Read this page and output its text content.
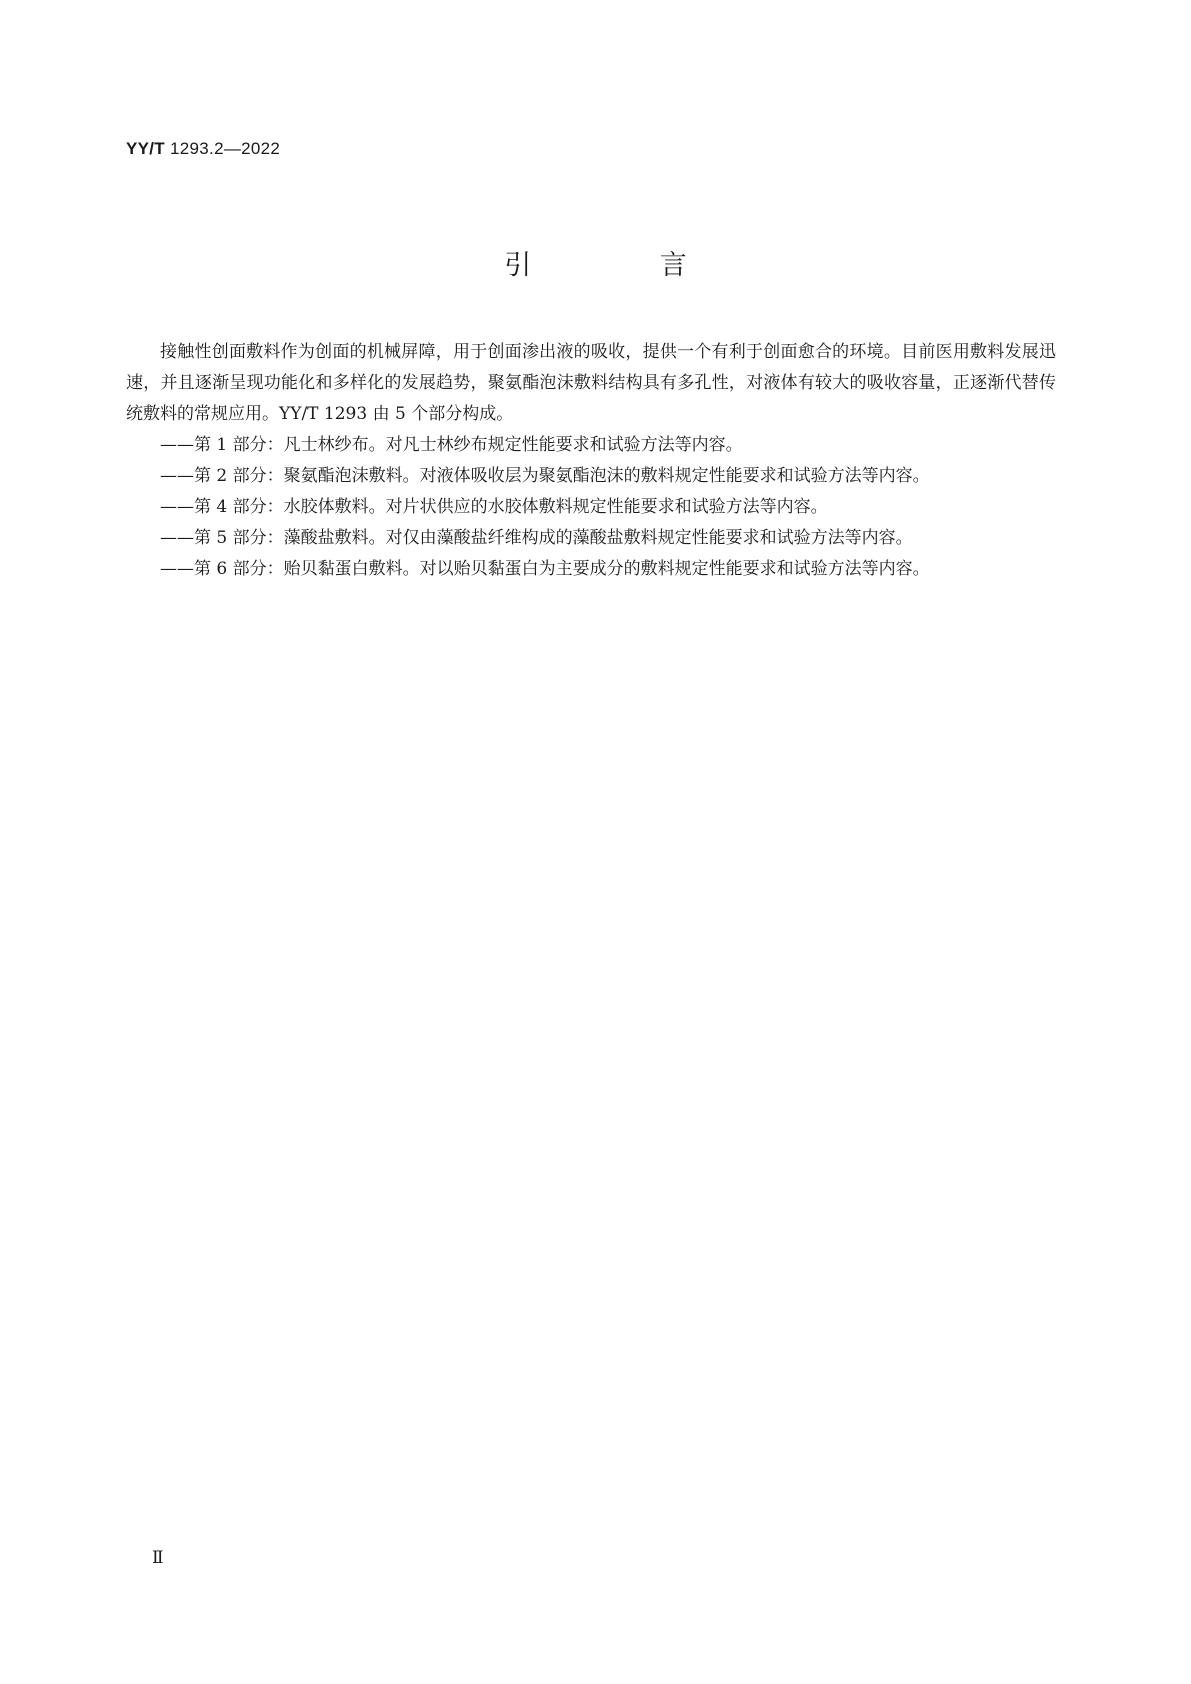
YY/T 1293.2—2022
引 言

接触性创面敷料作为创面的机械屏障，用于创面渗出液的吸收，提供一个有利于创面愈合的环境。目前医用敷料发展迅速，并且逐渐呈现功能化和多样化的发展趋势，聚氨酯泡沫敷料结构具有多孔性，对液体有较大的吸收容量，正逐渐代替传统敷料的常规应用。YY/T 1293 由 5 个部分构成。

——第 1 部分：凡士林纱布。对凡士林纱布规定性能要求和试验方法等内容。
——第 2 部分：聚氨酯泡沫敷料。对液体吸收层为聚氨酯泡沫的敷料规定性能要求和试验方法等内容。
——第 4 部分：水胶体敷料。对片状供应的水胶体敷料规定性能要求和试验方法等内容。
——第 5 部分：藻酸盐敷料。对仅由藻酸盐纤维构成的藻酸盐敷料规定性能要求和试验方法等内容。
——第 6 部分：贻贝黏蛋白敷料。对以贻贝黏蛋白为主要成分的敷料规定性能要求和试验方法等内容。
Ⅱ
